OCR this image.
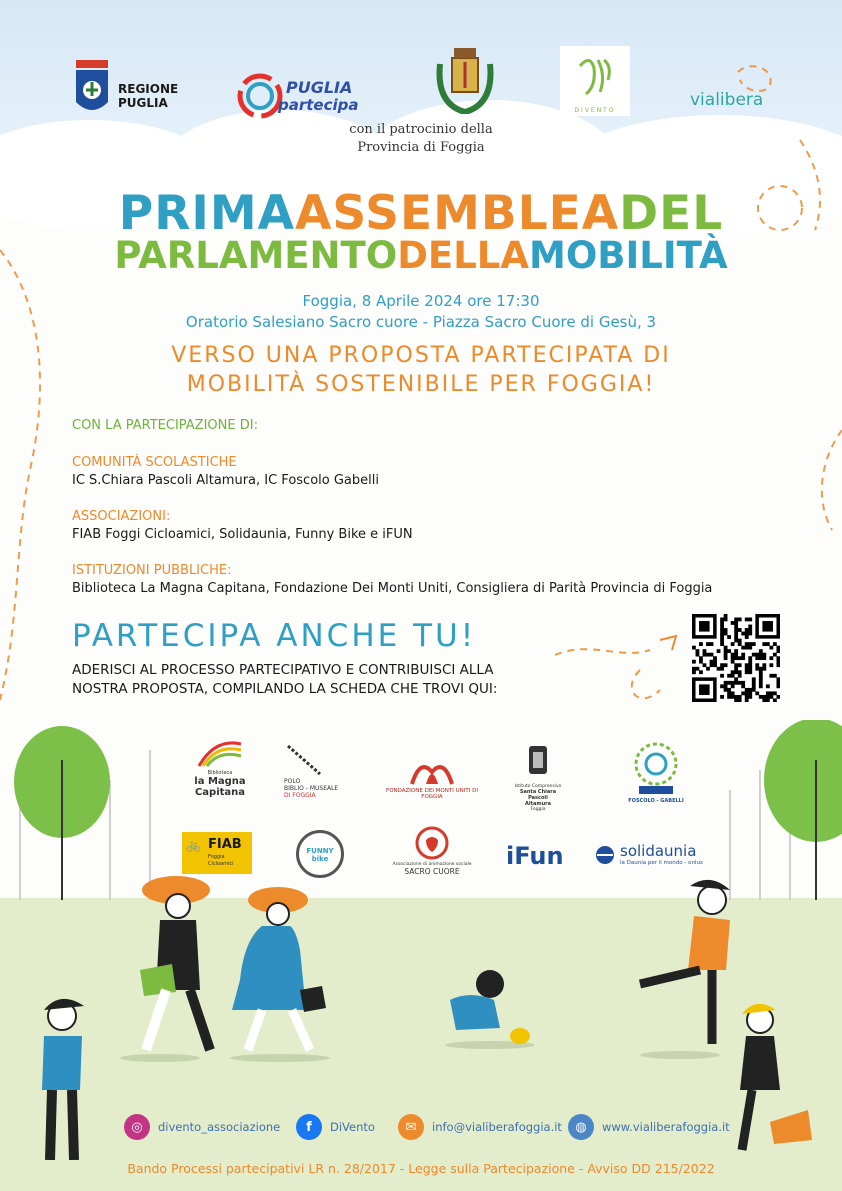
REGIONE
PUGLIA
PUGLIA
partecipa
con il patrocinio della
Provincia di Foggia
DIVENTO
vialibera
PRIMAASSEMBLEADEL
PARLAMENTODELLAMOBILITÀ
Foggia, 8 Aprile 2024 ore 17:30
Oratorio Salesiano Sacro cuore - Piazza Sacro Cuore di Gesù, 3
VERSO UNA PROPOSTA PARTECIPATA DI
MOBILITÀ SOSTENIBILE PER FOGGIA!
CON LA PARTECIPAZIONE DI:
COMUNITÀ SCOLASTICHE
IC S.Chiara Pascoli Altamura, IC Foscolo Gabelli
ASSOCIAZIONI:
FIAB Foggi Cicloamici, Solidaunia, Funny Bike e iFUN
ISTITUZIONI PUBBLICHE:
Biblioteca La Magna Capitana, Fondazione Dei Monti Uniti, Consigliera di Parità Provincia di Foggia
PARTECIPA ANCHE TU!
ADERISCI AL PROCESSO PARTECIPATIVO E CONTRIBUISCI ALLA
NOSTRA PROPOSTA, COMPILANDO LA SCHEDA CHE TROVI QUI:
Biblioteca
la Magna
Capitana
POLO
BIBLIO - MUSEALE
DI FOGGIA
FONDAZIONE DEI MONTI UNITI DI FOGGIA
Istituto Comprensivo
Santa Chiara
Pascoli
Altamura
Foggia
FOSCOLO - GABELLI
🚲 FIAB
Foggia
Cicloamici
FUNNY bike
Associazione di animazione sociale
SACRO CUORE
iFun	solidaunia
la Daunia per il mondo - onlus
◎	divento_associazione	f	DiVento	✉	info@vialiberafoggia.it	◍	www.vialiberafoggia.it
Bando Processi partecipativi LR n. 28/2017 - Legge sulla Partecipazione - Avviso DD 215/2022
